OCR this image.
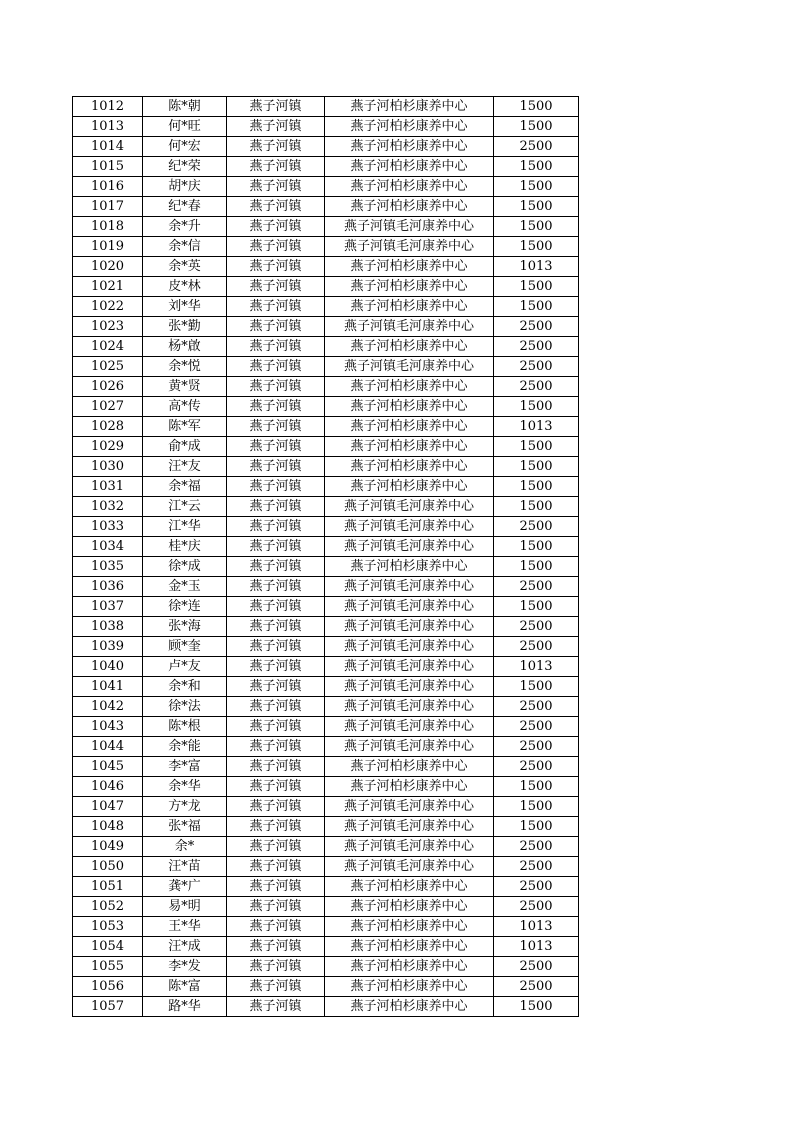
1012	陈*朝	燕子河镇	燕子河柏杉康养中心	1500
1013	何*旺	燕子河镇	燕子河柏杉康养中心	1500
1014	何*宏	燕子河镇	燕子河柏杉康养中心	2500
1015	纪*荣	燕子河镇	燕子河柏杉康养中心	1500
1016	胡*庆	燕子河镇	燕子河柏杉康养中心	1500
1017	纪*春	燕子河镇	燕子河柏杉康养中心	1500
1018	余*升	燕子河镇	燕子河镇毛河康养中心	1500
1019	余*信	燕子河镇	燕子河镇毛河康养中心	1500
1020	余*英	燕子河镇	燕子河柏杉康养中心	1013
1021	皮*林	燕子河镇	燕子河柏杉康养中心	1500
1022	刘*华	燕子河镇	燕子河柏杉康养中心	1500
1023	张*勤	燕子河镇	燕子河镇毛河康养中心	2500
1024	杨*啟	燕子河镇	燕子河柏杉康养中心	2500
1025	余*悦	燕子河镇	燕子河镇毛河康养中心	2500
1026	黄*贤	燕子河镇	燕子河柏杉康养中心	2500
1027	高*传	燕子河镇	燕子河柏杉康养中心	1500
1028	陈*军	燕子河镇	燕子河柏杉康养中心	1013
1029	俞*成	燕子河镇	燕子河柏杉康养中心	1500
1030	汪*友	燕子河镇	燕子河柏杉康养中心	1500
1031	余*福	燕子河镇	燕子河柏杉康养中心	1500
1032	江*云	燕子河镇	燕子河镇毛河康养中心	1500
1033	江*华	燕子河镇	燕子河镇毛河康养中心	2500
1034	桂*庆	燕子河镇	燕子河镇毛河康养中心	1500
1035	徐*成	燕子河镇	燕子河柏杉康养中心	1500
1036	金*玉	燕子河镇	燕子河镇毛河康养中心	2500
1037	徐*连	燕子河镇	燕子河镇毛河康养中心	1500
1038	张*海	燕子河镇	燕子河镇毛河康养中心	2500
1039	顾*奎	燕子河镇	燕子河镇毛河康养中心	2500
1040	卢*友	燕子河镇	燕子河镇毛河康养中心	1013
1041	余*和	燕子河镇	燕子河镇毛河康养中心	1500
1042	徐*法	燕子河镇	燕子河镇毛河康养中心	2500
1043	陈*根	燕子河镇	燕子河镇毛河康养中心	2500
1044	余*能	燕子河镇	燕子河镇毛河康养中心	2500
1045	李*富	燕子河镇	燕子河柏杉康养中心	2500
1046	余*华	燕子河镇	燕子河柏杉康养中心	1500
1047	方*龙	燕子河镇	燕子河镇毛河康养中心	1500
1048	张*福	燕子河镇	燕子河镇毛河康养中心	1500
1049	余*	燕子河镇	燕子河镇毛河康养中心	2500
1050	汪*苗	燕子河镇	燕子河镇毛河康养中心	2500
1051	龚*广	燕子河镇	燕子河柏杉康养中心	2500
1052	易*明	燕子河镇	燕子河柏杉康养中心	2500
1053	王*华	燕子河镇	燕子河柏杉康养中心	1013
1054	汪*成	燕子河镇	燕子河柏杉康养中心	1013
1055	李*发	燕子河镇	燕子河柏杉康养中心	2500
1056	陈*富	燕子河镇	燕子河柏杉康养中心	2500
1057	路*华	燕子河镇	燕子河柏杉康养中心	1500
